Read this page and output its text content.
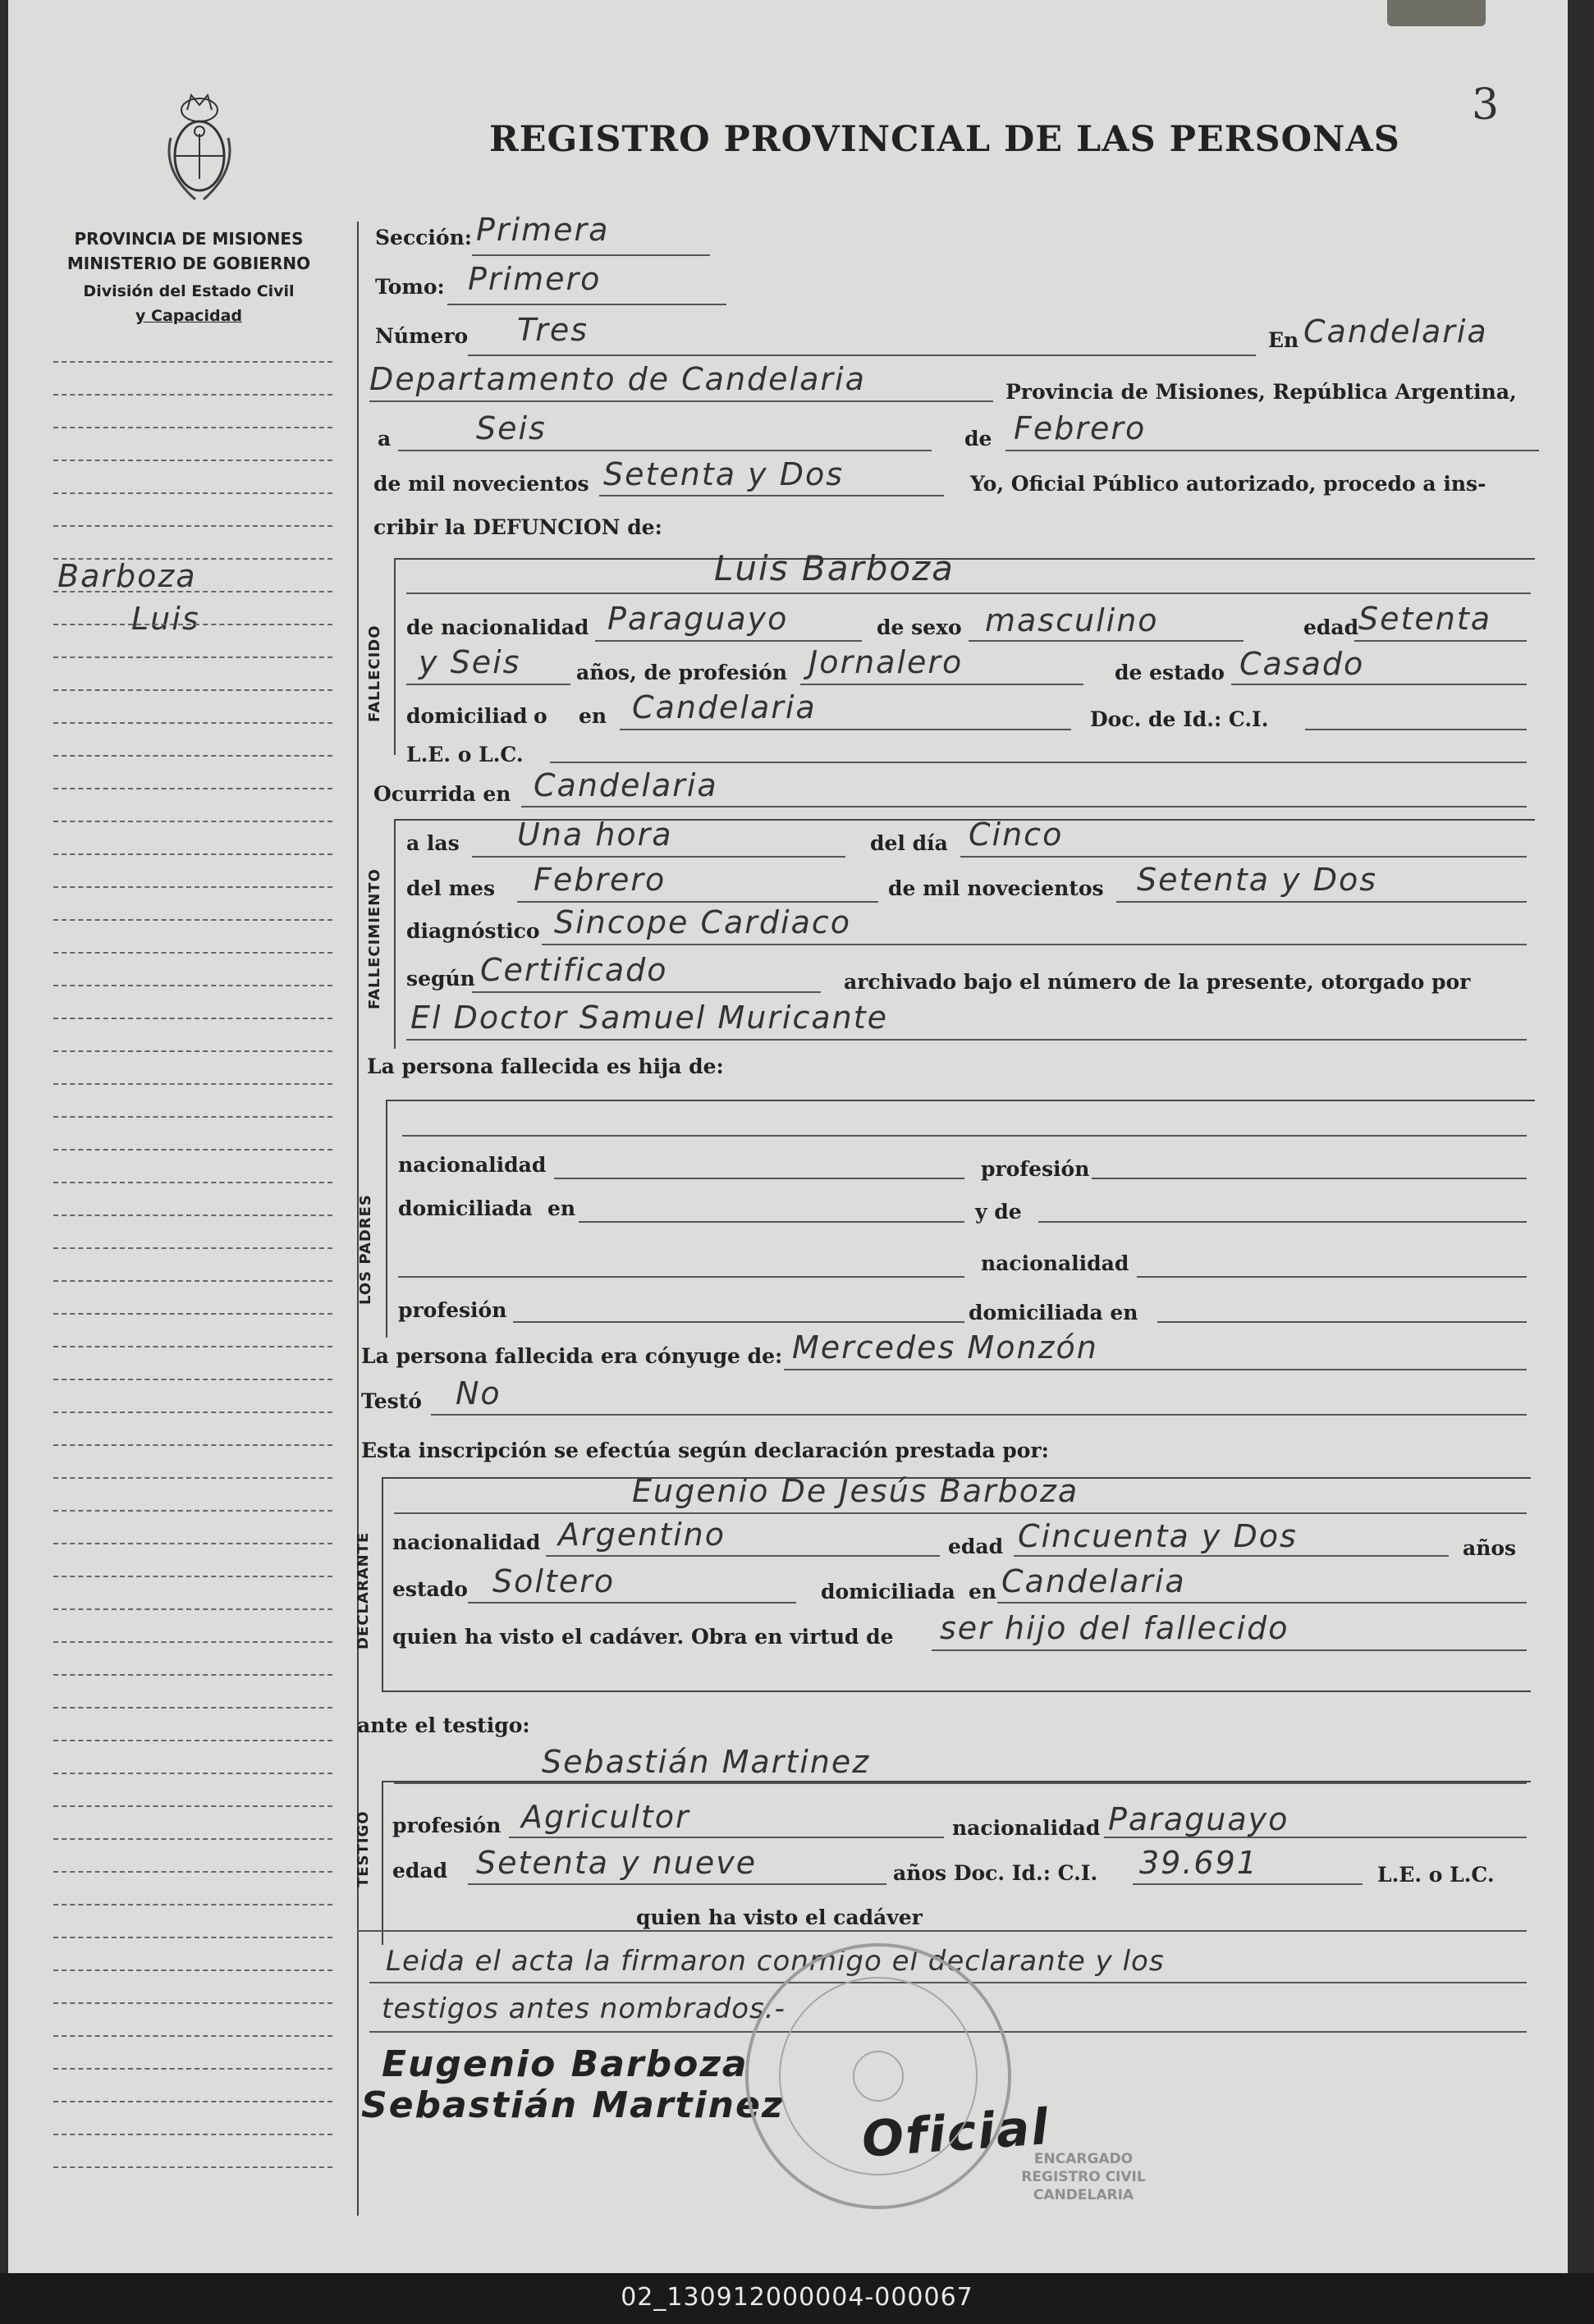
REGISTRO PROVINCIAL DE LAS PERSONAS
3
PROVINCIA DE MISIONES
MINISTERIO DE GOBIERNO
División del Estado Civil
y Capacidad
Barboza
Luis
Sección: Primera
Tomo: Primero
Número Tres	En Candelaria
Departamento de Candelaria	Provincia de Misiones, República Argentina,
a	Seis	de Febrero
de mil novecientos Setenta y Dos	Yo, Oficial Público autorizado, procedo a ins-
cribir la DEFUNCION de:
FALLECIDO
Luis Barboza
de nacionalidad Paraguayo	de sexo masculino	edad Setenta
y Seis	años, de profesión Jornalero	de estado Casado
domiciliad o en Candelaria	Doc. de Id.: C.I.
L.E. o L.C.
Ocurrida en Candelaria
FALLECIMIENTO
a las Una hora	del día Cinco
del mes Febrero	de mil novecientos Setenta y Dos
diagnóstico Sincope Cardiaco
según Certificado	archivado bajo el número de la presente, otorgado por
El Doctor Samuel Muricante
La persona fallecida es hija de:
LOS PADRES
nacionalidad	profesión
domiciliada en	y de
nacionalidad
profesión	domiciliada en
La persona fallecida era cónyuge de: Mercedes Monzón
Testó No
Esta inscripción se efectúa según declaración prestada por:
DECLARANTE
Eugenio De Jesús Barboza
nacionalidad Argentino	edad Cincuenta y Dos	años
estado Soltero	domiciliada en Candelaria
quien ha visto el cadáver. Obra en virtud de ser hijo del fallecido
ante el testigo:
TESTIGO
Sebastián Martinez
profesión Agricultor	nacionalidad Paraguayo
edad Setenta y nueve	años Doc. Id.: C.I. 39.691	L.E. o L.C.
quien ha visto el cadáver
Leida el acta la firmaron conmigo el declarante y los
testigos antes nombrados.-
Eugenio Barboza
Sebastián Martinez Oficial
ENCARGADO
REGISTRO CIVIL
CANDELARIA
02_130912000004-000067
